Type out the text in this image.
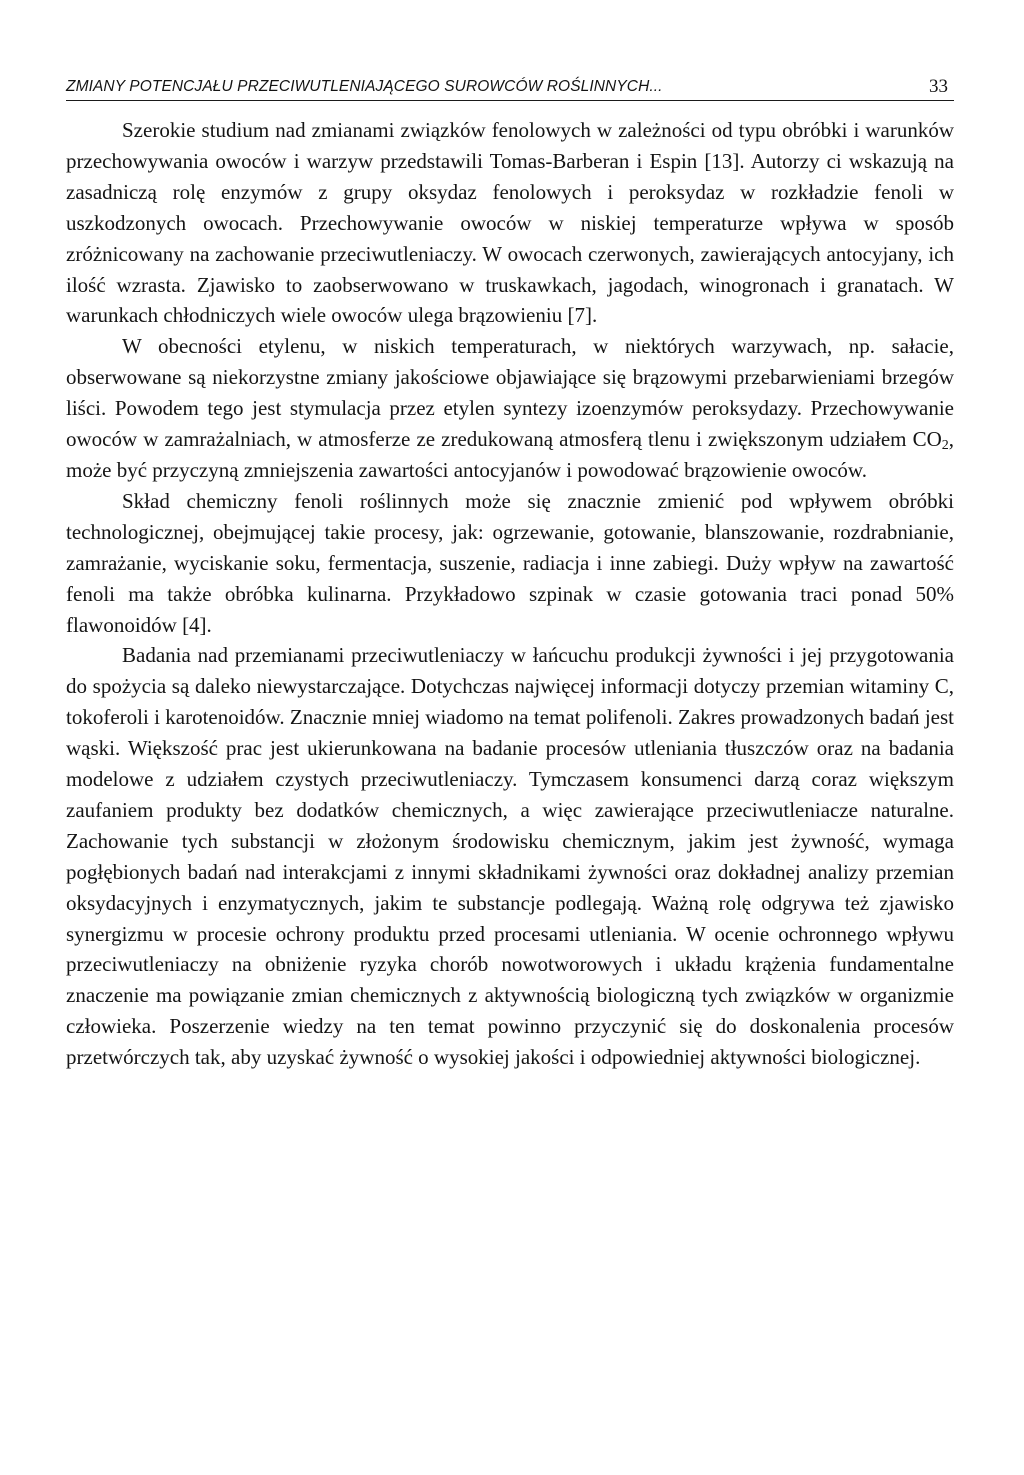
ZMIANY POTENCJAŁU PRZECIWUTLENIAJĄCEGO SUROWCÓW ROŚLINNYCH...	33

Szerokie studium nad zmianami związków fenolowych w zależności od typu obróbki i warunków przechowywania owoców i warzyw przedstawili Tomas-Barberan i Espin [13]. Autorzy ci wskazują na zasadniczą rolę enzymów z grupy oksydaz fenolowych i peroksydaz w rozkładzie fenoli w uszkodzonych owocach. Przechowywanie owoców w niskiej temperaturze wpływa w sposób zróżnicowany na zachowanie przeciwutleniaczy. W owocach czerwonych, zawierających antocyjany, ich ilość wzrasta. Zjawisko to zaobserwowano w truskawkach, jagodach, winogronach i granatach. W warunkach chłodniczych wiele owoców ulega brązowieniu [7].

W obecności etylenu, w niskich temperaturach, w niektórych warzywach, np. sałacie, obserwowane są niekorzystne zmiany jakościowe objawiające się brązowymi przebarwieniami brzegów liści. Powodem tego jest stymulacja przez etylen syntezy izoenzymów peroksydazy. Przechowywanie owoców w zamrażalniach, w atmosferze ze zredukowaną atmosferą tlenu i zwiększonym udziałem $CO_2$, może być przyczyną zmniejszenia zawartości antocyjanów i powodować brązowienie owoców.

Skład chemiczny fenoli roślinnych może się znacznie zmienić pod wpływem obróbki technologicznej, obejmującej takie procesy, jak: ogrzewanie, gotowanie, blanszowanie, rozdrabnianie, zamrażanie, wyciskanie soku, fermentacja, suszenie, radiacja i inne zabiegi. Duży wpływ na zawartość fenoli ma także obróbka kulinarna. Przykładowo szpinak w czasie gotowania traci ponad 50% flawonoidów [4].

Badania nad przemianami przeciwutleniaczy w łańcuchu produkcji żywności i jej przygotowania do spożycia są daleko niewystarczające. Dotychczas najwięcej informacji dotyczy przemian witaminy C, tokoferoli i karotenoidów. Znacznie mniej wiadomo na temat polifenoli. Zakres prowadzonych badań jest wąski. Większość prac jest ukierunkowana na badanie procesów utleniania tłuszczów oraz na badania modelowe z udziałem czystych przeciwutleniaczy. Tymczasem konsumenci darzą coraz większym zaufaniem produkty bez dodatków chemicznych, a więc zawierające przeciwutleniacze naturalne. Zachowanie tych substancji w złożonym środowisku chemicznym, jakim jest żywność, wymaga pogłębionych badań nad interakcjami z innymi składnikami żywności oraz dokładnej analizy przemian oksydacyjnych i enzymatycznych, jakim te substancje podlegają. Ważną rolę odgrywa też zjawisko synergizmu w procesie ochrony produktu przed procesami utleniania. W ocenie ochronnego wpływu przeciwutleniaczy na obniżenie ryzyka chorób nowotworowych i układu krążenia fundamentalne znaczenie ma powiązanie zmian chemicznych z aktywnością biologiczną tych związków w organizmie człowieka. Poszerzenie wiedzy na ten temat powinno przyczynić się do doskonalenia procesów przetwórczych tak, aby uzyskać żywność o wysokiej jakości i odpowiedniej aktywności biologicznej.
